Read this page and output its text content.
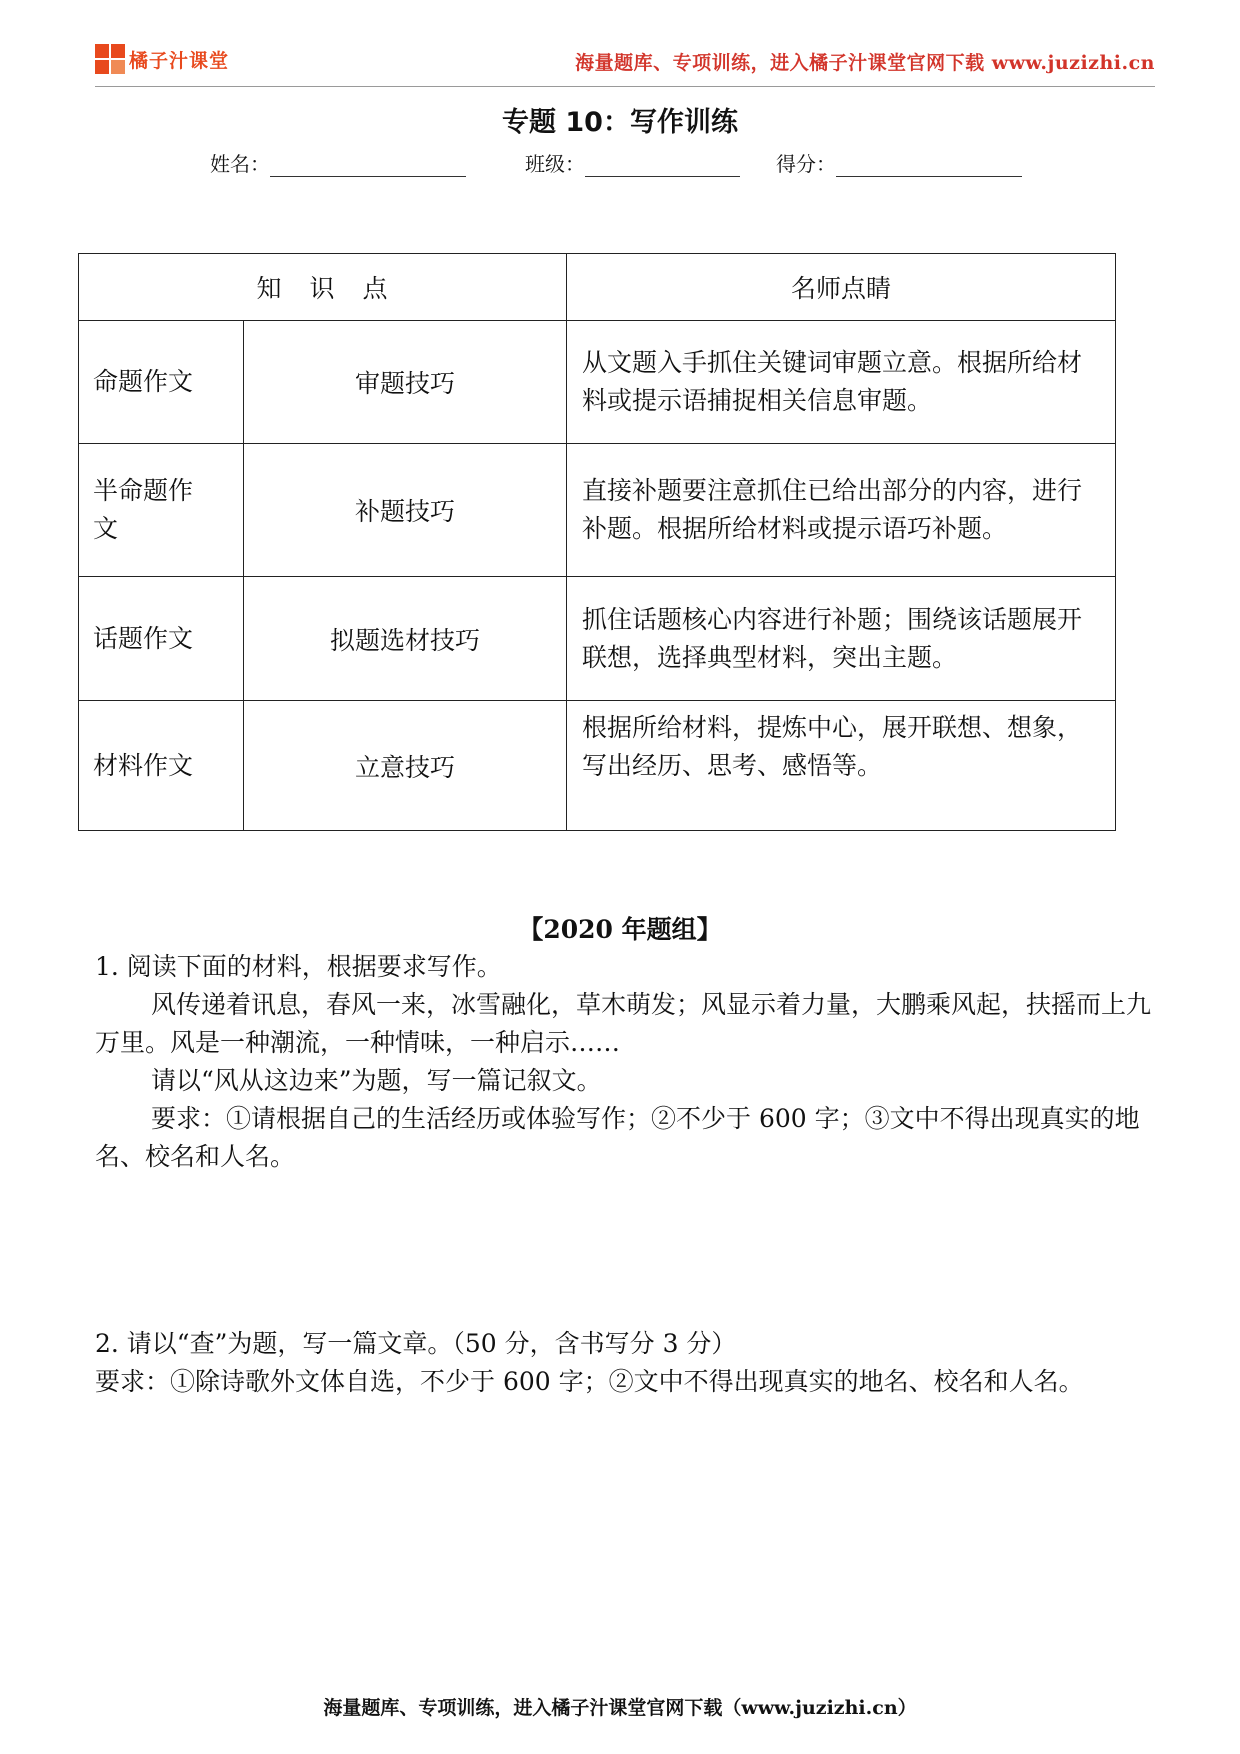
橘子汁课堂	海量题库、专项训练，进入橘子汁课堂官网下载 www.juzizhi.cn
专题 10：写作训练
姓名：	班级：	得分：
知识点		名师点睛
命题作文	审题技巧	从文题入手抓住关键词审题立意。根据所给材料或提示语捕捉相关信息审题。
半命题作文	补题技巧	直接补题要注意抓住已给出部分的内容，进行补题。根据所给材料或提示语巧补题。
话题作文	拟题选材技巧	抓住话题核心内容进行补题；围绕该话题展开联想，选择典型材料，突出主题。
材料作文	立意技巧	根据所给材料，提炼中心，展开联想、想象，写出经历、思考、感悟等。
【2020 年题组】

1. 阅读下面的材料，根据要求写作。

风传递着讯息，春风一来，冰雪融化，草木萌发；风显示着力量，大鹏乘风起，扶摇而上九万里。风是一种潮流，一种情味，一种启示……

请以“风从这边来”为题，写一篇记叙文。

要求：①请根据自己的生活经历或体验写作；②不少于 600 字；③文中不得出现真实的地名、校名和人名。

2. 请以“查”为题，写一篇文章。（50 分，含书写分 3 分）

要求：①除诗歌外文体自选，不少于 600 字；②文中不得出现真实的地名、校名和人名。

海量题库、专项训练，进入橘子汁课堂官网下载（www.juzizhi.cn）
